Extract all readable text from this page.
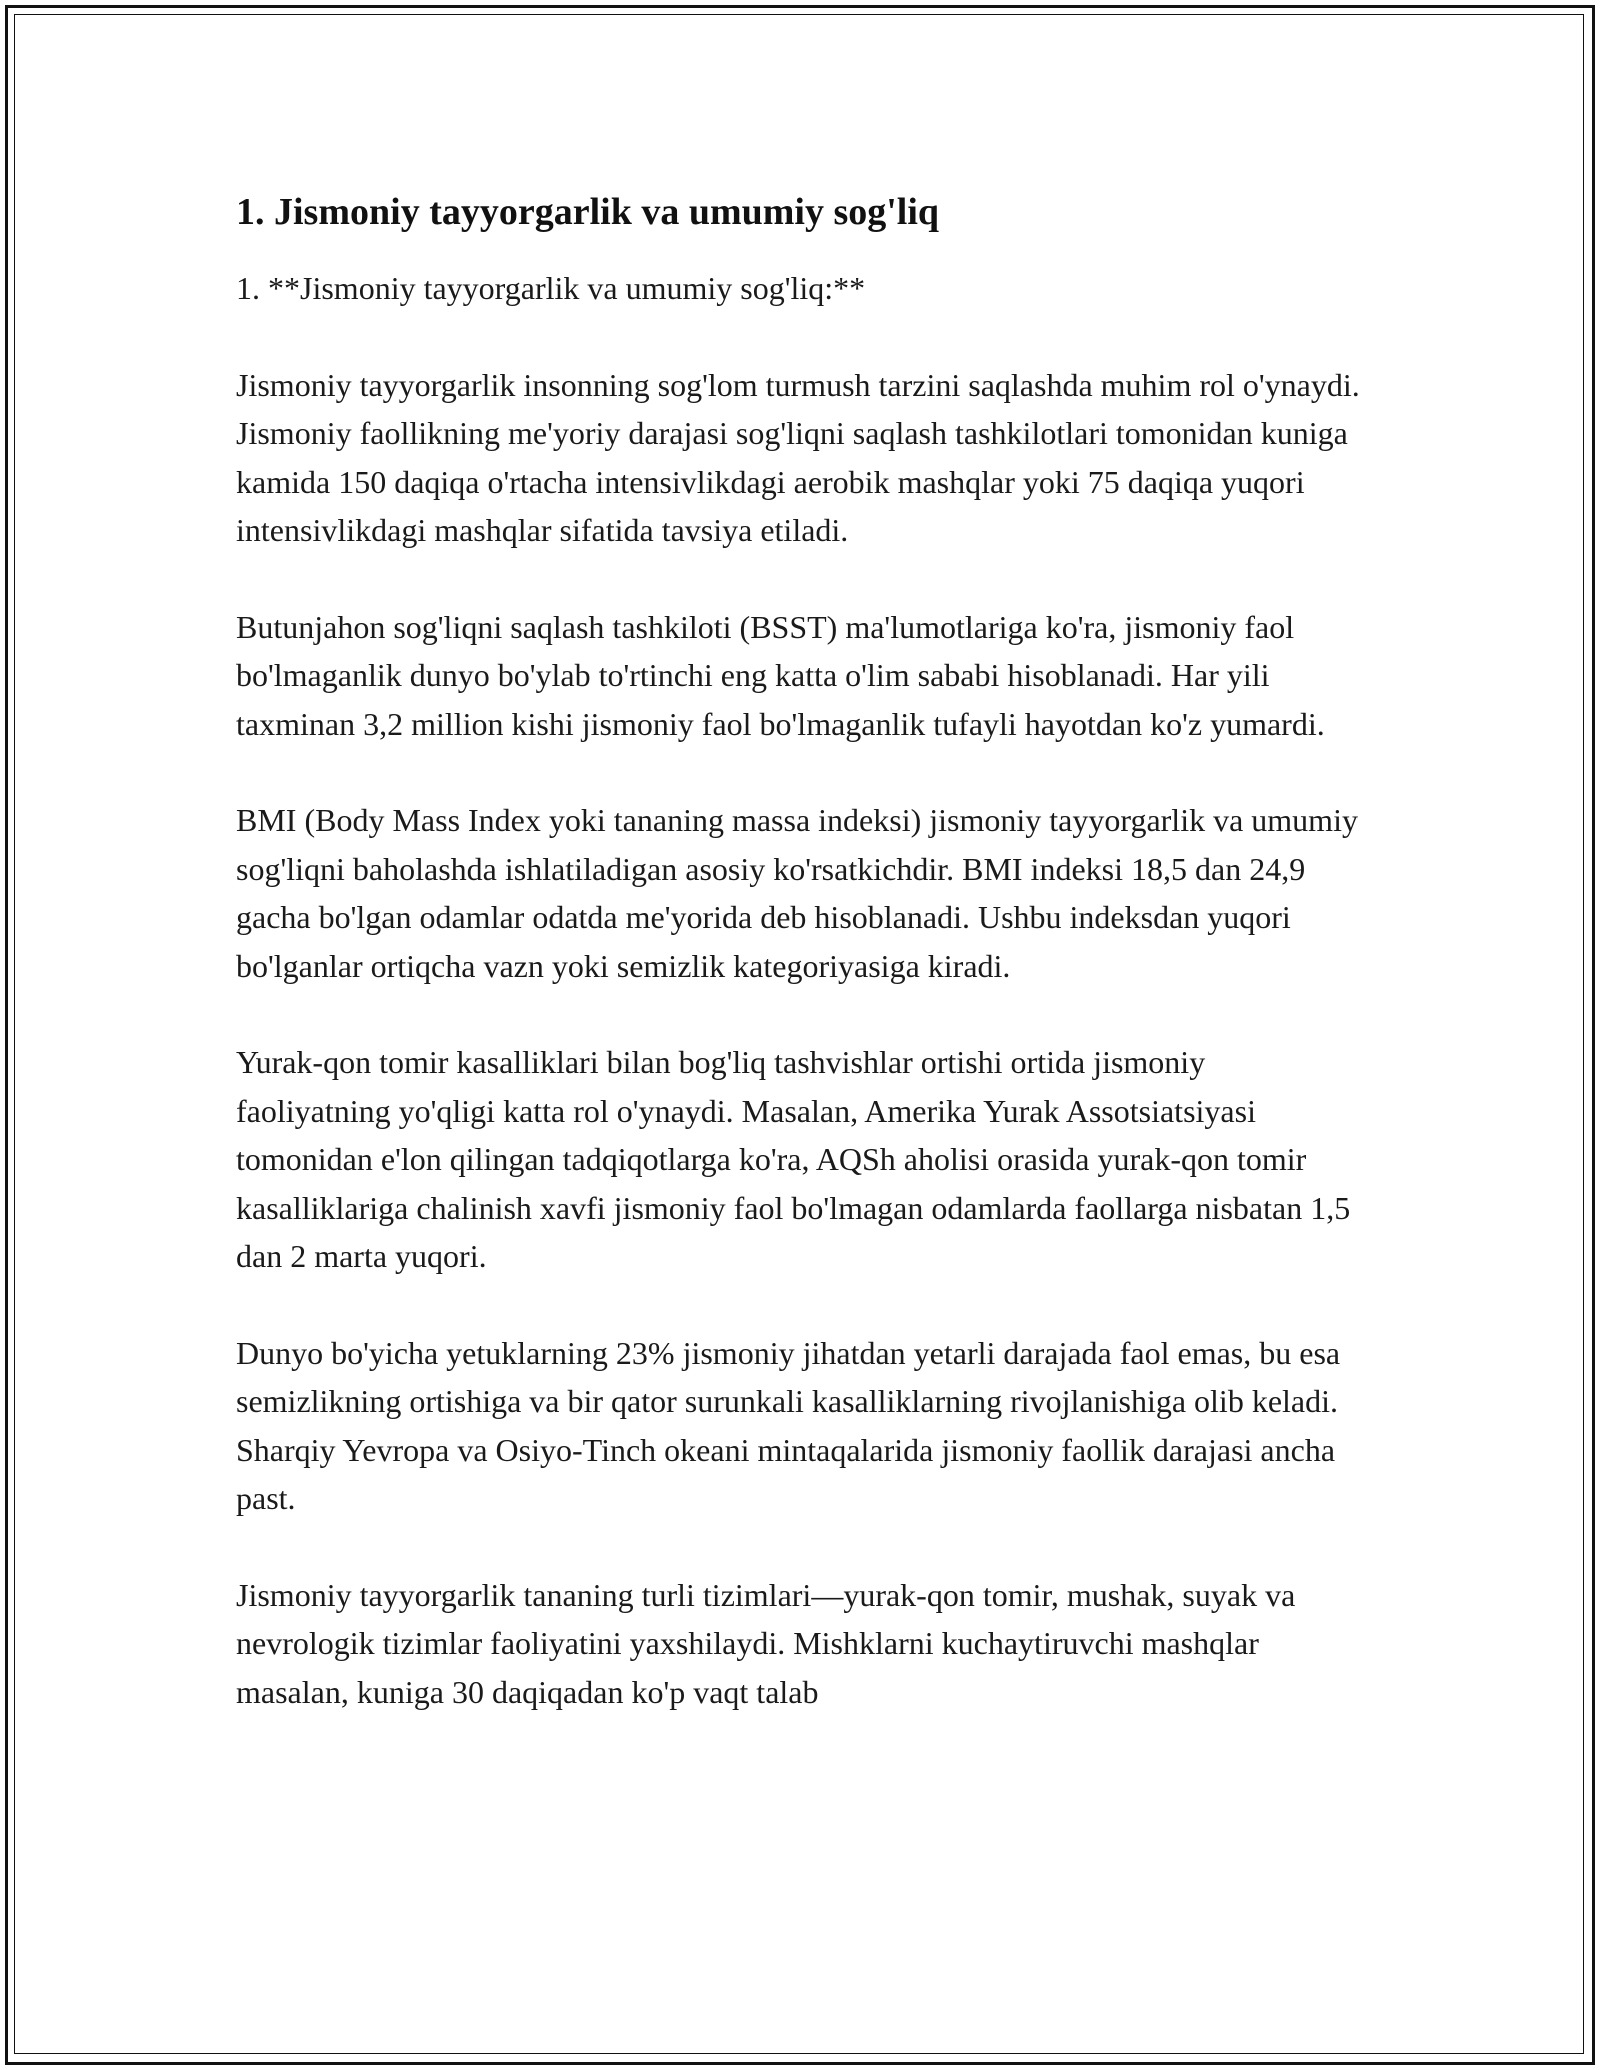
1. Jismoniy tayyorgarlik va umumiy sog'liq

1. **Jismoniy tayyorgarlik va umumiy sog'liq:**

Jismoniy tayyorgarlik insonning sog'lom turmush tarzini saqlashda muhim rol o'ynaydi. Jismoniy faollikning me'yoriy darajasi sog'liqni saqlash tashkilotlari tomonidan kuniga kamida 150 daqiqa o'rtacha intensivlikdagi aerobik mashqlar yoki 75 daqiqa yuqori intensivlikdagi mashqlar sifatida tavsiya etiladi.

Butunjahon sog'liqni saqlash tashkiloti (BSST) ma'lumotlariga ko'ra, jismoniy faol bo'lmaganlik dunyo bo'ylab to'rtinchi eng katta o'lim sababi hisoblanadi. Har yili taxminan 3,2 million kishi jismoniy faol bo'lmaganlik tufayli hayotdan ko'z yumardi.

BMI (Body Mass Index yoki tananing massa indeksi) jismoniy tayyorgarlik va umumiy sog'liqni baholashda ishlatiladigan asosiy ko'rsatkichdir. BMI indeksi 18,5 dan 24,9 gacha bo'lgan odamlar odatda me'yorida deb hisoblanadi. Ushbu indeksdan yuqori bo'lganlar ortiqcha vazn yoki semizlik kategoriyasiga kiradi.

Yurak-qon tomir kasalliklari bilan bog'liq tashvishlar ortishi ortida jismoniy faoliyatning yo'qligi katta rol o'ynaydi. Masalan, Amerika Yurak Assotsiatsiyasi tomonidan e'lon qilingan tadqiqotlarga ko'ra, AQSh aholisi orasida yurak-qon tomir kasalliklariga chalinish xavfi jismoniy faol bo'lmagan odamlarda faollarga nisbatan 1,5 dan 2 marta yuqori.

Dunyo bo'yicha yetuklarning 23% jismoniy jihatdan yetarli darajada faol emas, bu esa semizlikning ortishiga va bir qator surunkali kasalliklarning rivojlanishiga olib keladi. Sharqiy Yevropa va Osiyo-Tinch okeani mintaqalarida jismoniy faollik darajasi ancha past.

Jismoniy tayyorgarlik tananing turli tizimlari—yurak-qon tomir, mushak, suyak va nevrologik tizimlar faoliyatini yaxshilaydi. Mishklarni kuchaytiruvchi mashqlar masalan, kuniga 30 daqiqadan ko'p vaqt talab
